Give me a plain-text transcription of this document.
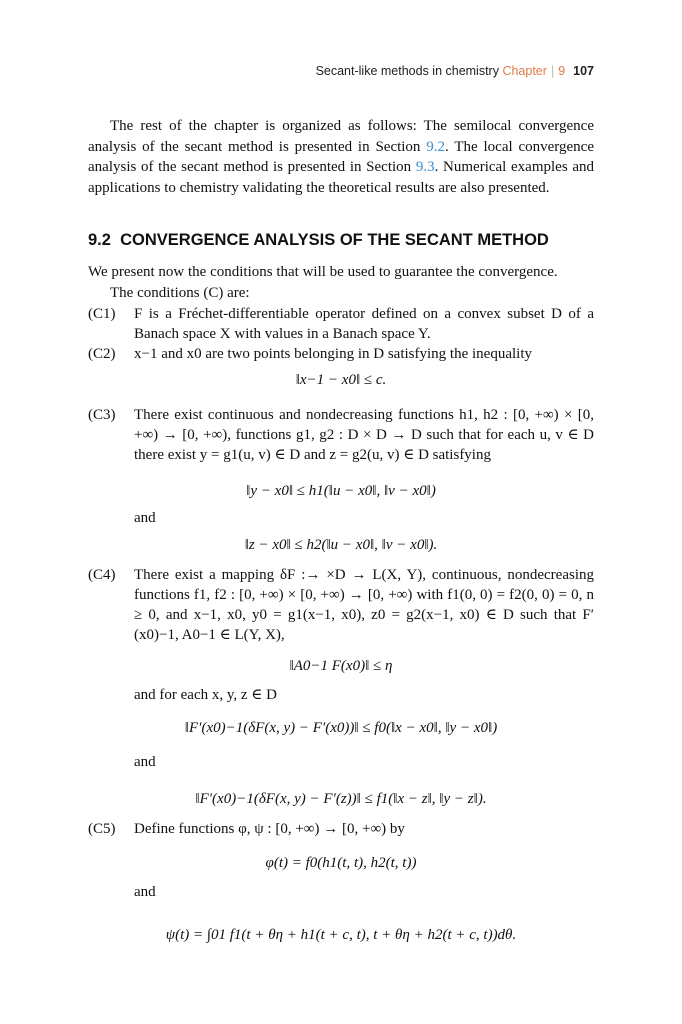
Secant-like methods in chemistry Chapter | 9 107
The rest of the chapter is organized as follows: The semilocal convergence analysis of the secant method is presented in Section 9.2. The local convergence analysis of the secant method is presented in Section 9.3. Numerical examples and applications to chemistry validating the theoretical results are also presented.
9.2 CONVERGENCE ANALYSIS OF THE SECANT METHOD
We present now the conditions that will be used to guarantee the convergence.
The conditions (C) are:
(C1)	F is a Fréchet-differentiable operator defined on a convex subset D of a Banach space X with values in a Banach space Y.
(C2)	x−1 and x0 are two points belonging in D satisfying the inequality
‖x−1 − x0‖ ≤ c.
(C3)	There exist continuous and nondecreasing functions h1, h2 : [0, +∞) × [0, +∞) → [0, +∞), functions g1, g2 : D × D → D such that for each u, v ∈ D there exist y = g1(u, v) ∈ D and z = g2(u, v) ∈ D satisfying
‖y − x0‖ ≤ h1(‖u − x0‖, ‖v − x0‖)
and
‖z − x0‖ ≤ h2(‖u − x0‖, ‖v − x0‖).
(C4)	There exist a mapping δF :→ ×D → L(X, Y), continuous, nondecreasing functions f1, f2 : [0, +∞) × [0, +∞) → [0, +∞) with f1(0, 0) = f2(0, 0) = 0, n ≥ 0, and x−1, x0, y0 = g1(x−1, x0), z0 = g2(x−1, x0) ∈ D such that F′(x0)−1, A0−1 ∈ L(Y, X),
‖A0−1 F(x0)‖ ≤ η
and for each x, y, z ∈ D
‖F′(x0)−1(δF(x, y) − F′(x0))‖ ≤ f0(‖x − x0‖, ‖y − x0‖)
and
‖F′(x0)−1(δF(x, y) − F′(z))‖ ≤ f1(‖x − z‖, ‖y − z‖).
(C5)	Define functions φ, ψ : [0, +∞) → [0, +∞) by
φ(t) = f0(h1(t, t), h2(t, t))
and
ψ(t) = ∫01 f1(t + θη + h1(t + c, t), t + θη + h2(t + c, t))dθ.
